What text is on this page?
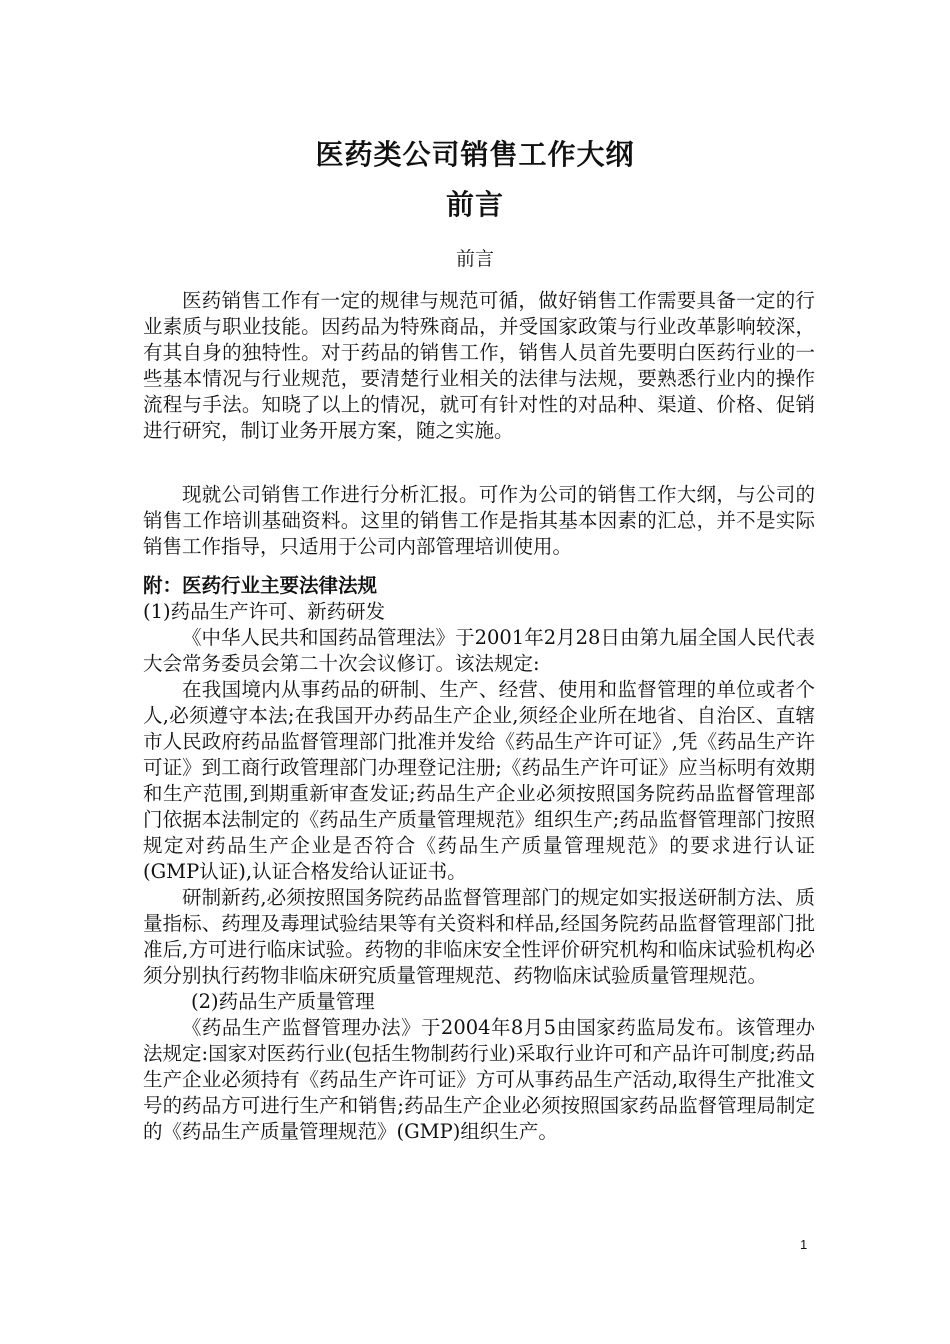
医药类公司销售工作大纲
前言
前言

医药销售工作有一定的规律与规范可循，做好销售工作需要具备一定的行业素质与职业技能。因药品为特殊商品，并受国家政策与行业改革影响较深，有其自身的独特性。对于药品的销售工作，销售人员首先要明白医药行业的一些基本情况与行业规范，要清楚行业相关的法律与法规，要熟悉行业内的操作流程与手法。知晓了以上的情况，就可有针对性的对品种、渠道、价格、促销进行研究，制订业务开展方案，随之实施。

现就公司销售工作进行分析汇报。可作为公司的销售工作大纲，与公司的销售工作培训基础资料。这里的销售工作是指其基本因素的汇总，并不是实际销售工作指导，只适用于公司内部管理培训使用。

附：医药行业主要法律法规

(1)药品生产许可、新药研发

《中华人民共和国药品管理法》于2001年2月28日由第九届全国人民代表大会常务委员会第二十次会议修订。该法规定:

在我国境内从事药品的研制、生产、经营、使用和监督管理的单位或者个人,必须遵守本法;在我国开办药品生产企业,须经企业所在地省、自治区、直辖市人民政府药品监督管理部门批准并发给《药品生产许可证》,凭《药品生产许可证》到工商行政管理部门办理登记注册;《药品生产许可证》应当标明有效期和生产范围,到期重新审查发证;药品生产企业必须按照国务院药品监督管理部门依据本法制定的《药品生产质量管理规范》组织生产;药品监督管理部门按照规定对药品生产企业是否符合《药品生产质量管理规范》的要求进行认证(GMP认证),认证合格发给认证证书。

研制新药,必须按照国务院药品监督管理部门的规定如实报送研制方法、质量指标、药理及毒理试验结果等有关资料和样品,经国务院药品监督管理部门批准后,方可进行临床试验。药物的非临床安全性评价研究机构和临床试验机构必须分别执行药物非临床研究质量管理规范、药物临床试验质量管理规范。

(2)药品生产质量管理

《药品生产监督管理办法》于2004年8月5由国家药监局发布。该管理办法规定:国家对医药行业(包括生物制药行业)采取行业许可和产品许可制度;药品生产企业必须持有《药品生产许可证》方可从事药品生产活动,取得生产批准文号的药品方可进行生产和销售;药品生产企业必须按照国家药品监督管理局制定的《药品生产质量管理规范》(GMP)组织生产。

1
